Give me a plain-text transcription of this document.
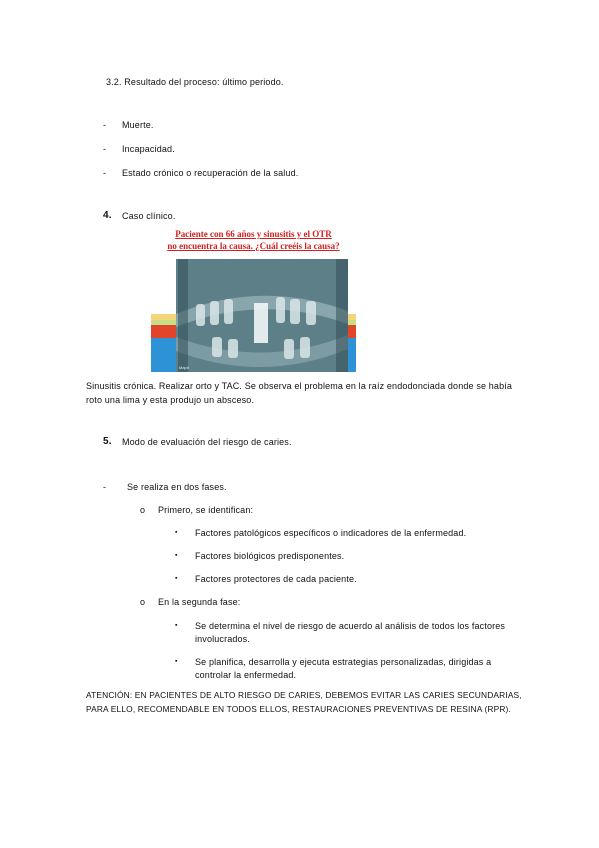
3.2. Resultado del proceso: último periodo.
- Muerte.
- Incapacidad.
- Estado crónico o recuperación de la salud.
4. Caso clínico.
Paciente con 66 años y sinusitis y el OTR
no encuentra la causa. ¿Cuál creéis la causa?
Mapit
Sinusitis crónica. Realizar orto y TAC. Se observa el problema en la raíz endodonciada donde se había
roto una lima y esta produjo un absceso.
5. Modo de evaluación del riesgo de caries.
- Se realiza en dos fases.
o Primero, se identifican:
▪ Factores patológicos específicos o indicadores de la enfermedad.
▪ Factores biológicos predisponentes.
▪ Factores protectores de cada paciente.
o En la segunda fase:
▪ Se determina el nivel de riesgo de acuerdo al análisis de todos los factores
involucrados.
▪ Se planifica, desarrolla y ejecuta estrategias personalizadas, dirigidas a
controlar la enfermedad.
ATENCIÓN: EN PACIENTES DE ALTO RIESGO DE CARIES, DEBEMOS EVITAR LAS CARIES SECUNDARIAS,
PARA ELLO, RECOMENDABLE EN TODOS ELLOS, RESTAURACIONES PREVENTIVAS DE RESINA (RPR).
